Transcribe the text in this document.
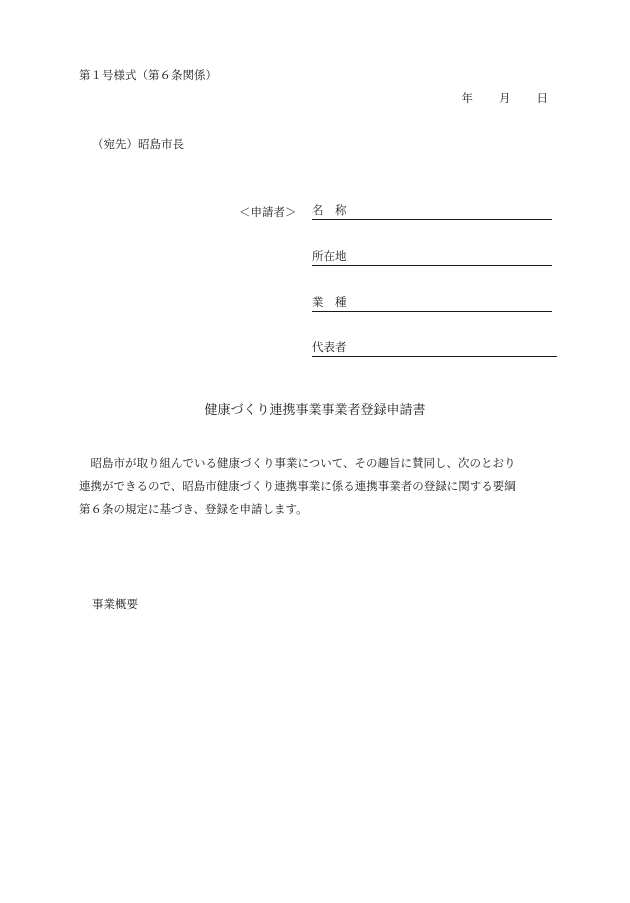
第１号様式（第６条関係）
年 月 日
（宛先）昭島市長
＜申請者＞ 名　称
所在地
業　種
代表者
健康づくり連携事業事業者登録申請書
　昭島市が取り組んでいる健康づくり事業について、その趣旨に賛同し、次のとおり
連携ができるので、昭島市健康づくり連携事業に係る連携事業者の登録に関する要綱
第６条の規定に基づき、登録を申請します。
事業概要
